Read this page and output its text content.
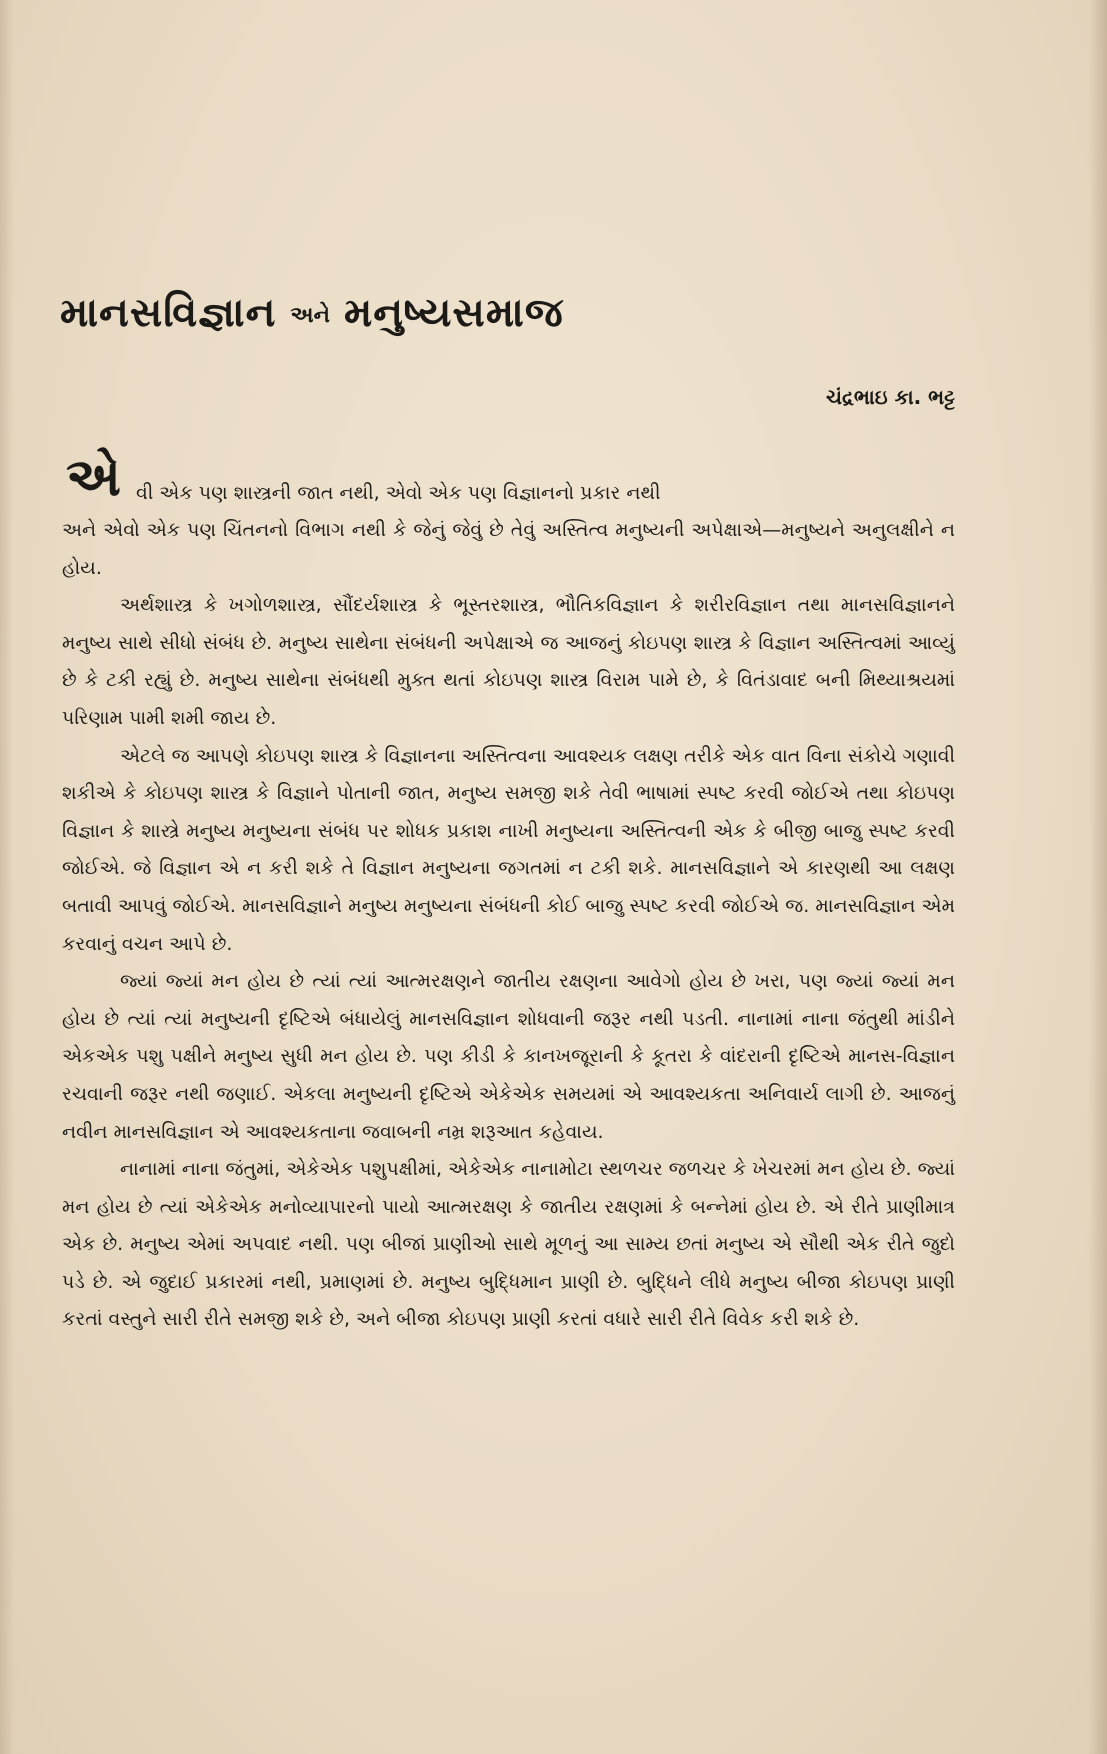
માનસવિજ્ઞાન અને મનુષ્યસમાજ
ચંદ્રભાઇ કા. ભટ્ટ
એ વી એક પણ શાસ્ત્રની જાત નથી, એવો એક પણ વિજ્ઞાનનો પ્રકાર નથી

અને એવો એક પણ ચિંતનનો વિભાગ નથી કે જેનું જેવું છે તેવું અસ્તિત્વ મનુષ્યની અપેક્ષાએ—મનુષ્યને અનુલક્ષીને ન હોય.

અર્થશાસ્ત્ર કે ખગોળશાસ્ત્ર, સૌંદર્યશાસ્ત્ર કે ભૂસ્તરશાસ્ત્ર, ભૌતિકવિજ્ઞાન કે શરીરવિજ્ઞાન તથા માનસવિજ્ઞાનને મનુષ્ય સાથે સીધો સંબંધ છે. મનુષ્ય સાથેના સંબંધની અપેક્ષાએ જ આજનું કોઇપણ શાસ્ત્ર કે વિજ્ઞાન અસ્તિત્વમાં આવ્યું છે કે ટકી રહ્યું છે. મનુષ્ય સાથેના સંબંધથી મુક્ત થતાં કોઇપણ શાસ્ત્ર વિરામ પામે છે, કે વિતંડાવાદ બની મિથ્યાશ્રયમાં પરિણામ પામી શમી જાય છે.

એટલે જ આપણે કોઇપણ શાસ્ત્ર કે વિજ્ઞાનના અસ્તિત્વના આવશ્યક લક્ષણ તરીકે એક વાત વિના સંકોચે ગણાવી શકીએ કે કોઇપણ શાસ્ત્ર કે વિજ્ઞાને પોતાની જાત, મનુષ્ય સમજી શકે તેવી ભાષામાં સ્પષ્ટ કરવી જોઈએ તથા કોઇપણ વિજ્ઞાન કે શાસ્ત્રે મનુષ્ય મનુષ્યના સંબંધ પર શોધક પ્રકાશ નાખી મનુષ્યના અસ્તિત્વની એક કે બીજી બાજુ સ્પષ્ટ કરવી જોઈએ. જે વિજ્ઞાન એ ન કરી શકે તે વિજ્ઞાન મનુષ્યના જગતમાં ન ટકી શકે. માનસવિજ્ઞાને એ કારણથી આ લક્ષણ બતાવી આપવું જોઈએ. માનસવિજ્ઞાને મનુષ્ય મનુષ્યના સંબંધની કોઈ બાજુ સ્પષ્ટ કરવી જોઈએ જ. માનસવિજ્ઞાન એમ કરવાનું વચન આપે છે.

જ્યાં જ્યાં મન હોય છે ત્યાં ત્યાં આત્મરક્ષણને જાતીય રક્ષણના આવેગો હોય છે ખરા, પણ જ્યાં જ્યાં મન હોય છે ત્યાં ત્યાં મનુષ્યની દૃષ્ટિએ બંધાયેલું માનસવિજ્ઞાન શોધવાની જરૂર નથી પડતી. નાનામાં નાના જંતુથી માંડીને એકએક પશુ પક્ષીને મનુષ્ય સુધી મન હોય છે. પણ કીડી કે કાનખજૂરાની કે કૂતરા કે વાંદરાની દૃષ્ટિએ માનસ-વિજ્ઞાન રચવાની જરૂર નથી જણાઈ. એકલા મનુષ્યની દૃષ્ટિએ એકેએક સમયમાં એ આવશ્યકતા અનિવાર્ય લાગી છે. આજનું નવીન માનસવિજ્ઞાન એ આવશ્યકતાના જવાબની નમ્ર શરૂઆત કહેવાય.

નાનામાં નાના જંતુમાં, એકેએક પશુપક્ષીમાં, એકેએક નાનામોટા સ્થળચર જળચર કે ખેચરમાં મન હોય છે. જ્યાં મન હોય છે ત્યાં એકેએક મનોવ્યાપારનો પાયો આત્મરક્ષણ કે જાતીય રક્ષણમાં કે બન્નેમાં હોય છે. એ રીતે પ્રાણીમાત્ર એક છે. મનુષ્ય એમાં અપવાદ નથી. પણ બીજાં પ્રાણીઓ સાથે મૂળનું આ સામ્ય છતાં મનુષ્ય એ સૌથી એક રીતે જુદો પડે છે. એ જુદાઈ પ્રકારમાં નથી, પ્રમાણમાં છે. મનુષ્ય બુદ્ધિમાન પ્રાણી છે. બુદ્ધિને લીધે મનુષ્ય બીજા કોઇપણ પ્રાણી કરતાં વસ્તુને સારી રીતે સમજી શકે છે, અને બીજા કોઇપણ પ્રાણી કરતાં વધારે સારી રીતે વિવેક કરી શકે છે.
